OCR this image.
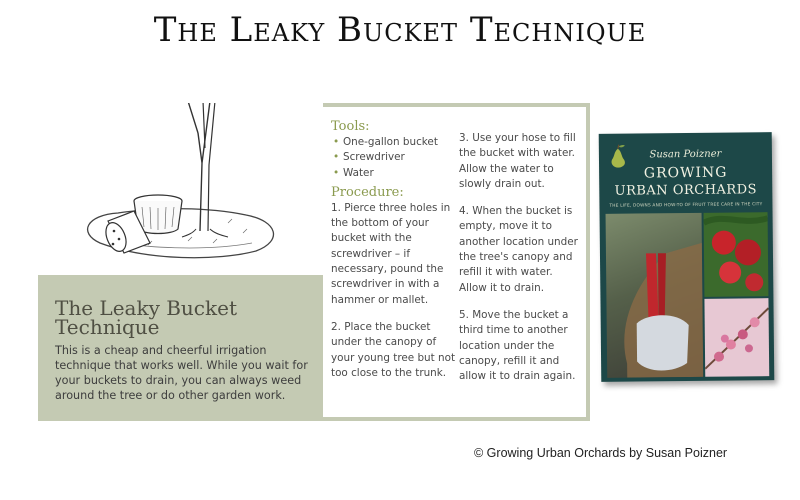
The Leaky Bucket Technique
The Leaky Bucket Technique
This is a cheap and cheerful irrigation technique that works well. While you wait for your buckets to drain, you can always weed around the tree or do other garden work.
Tools:
• One-gallon bucket
• Screwdriver
• Water
Procedure:
1. Pierce three holes in the bottom of your bucket with the screwdriver – if necessary, pound the screwdriver in with a hammer or mallet.
2. Place the bucket under the canopy of your young tree but not too close to the trunk.
3. Use your hose to fill the bucket with water. Allow the water to slowly drain out.
4. When the bucket is empty, move it to another location under the tree's canopy and refill it with water. Allow it to drain.
5. Move the bucket a third time to another location under the canopy, refill it and allow it to drain again.
Susan Poizner
GROWING
URBAN ORCHARDS
THE LIFE, DOWNS AND HOW-TO OF FRUIT TREE CARE IN THE CITY
© Growing Urban Orchards by Susan Poizner
